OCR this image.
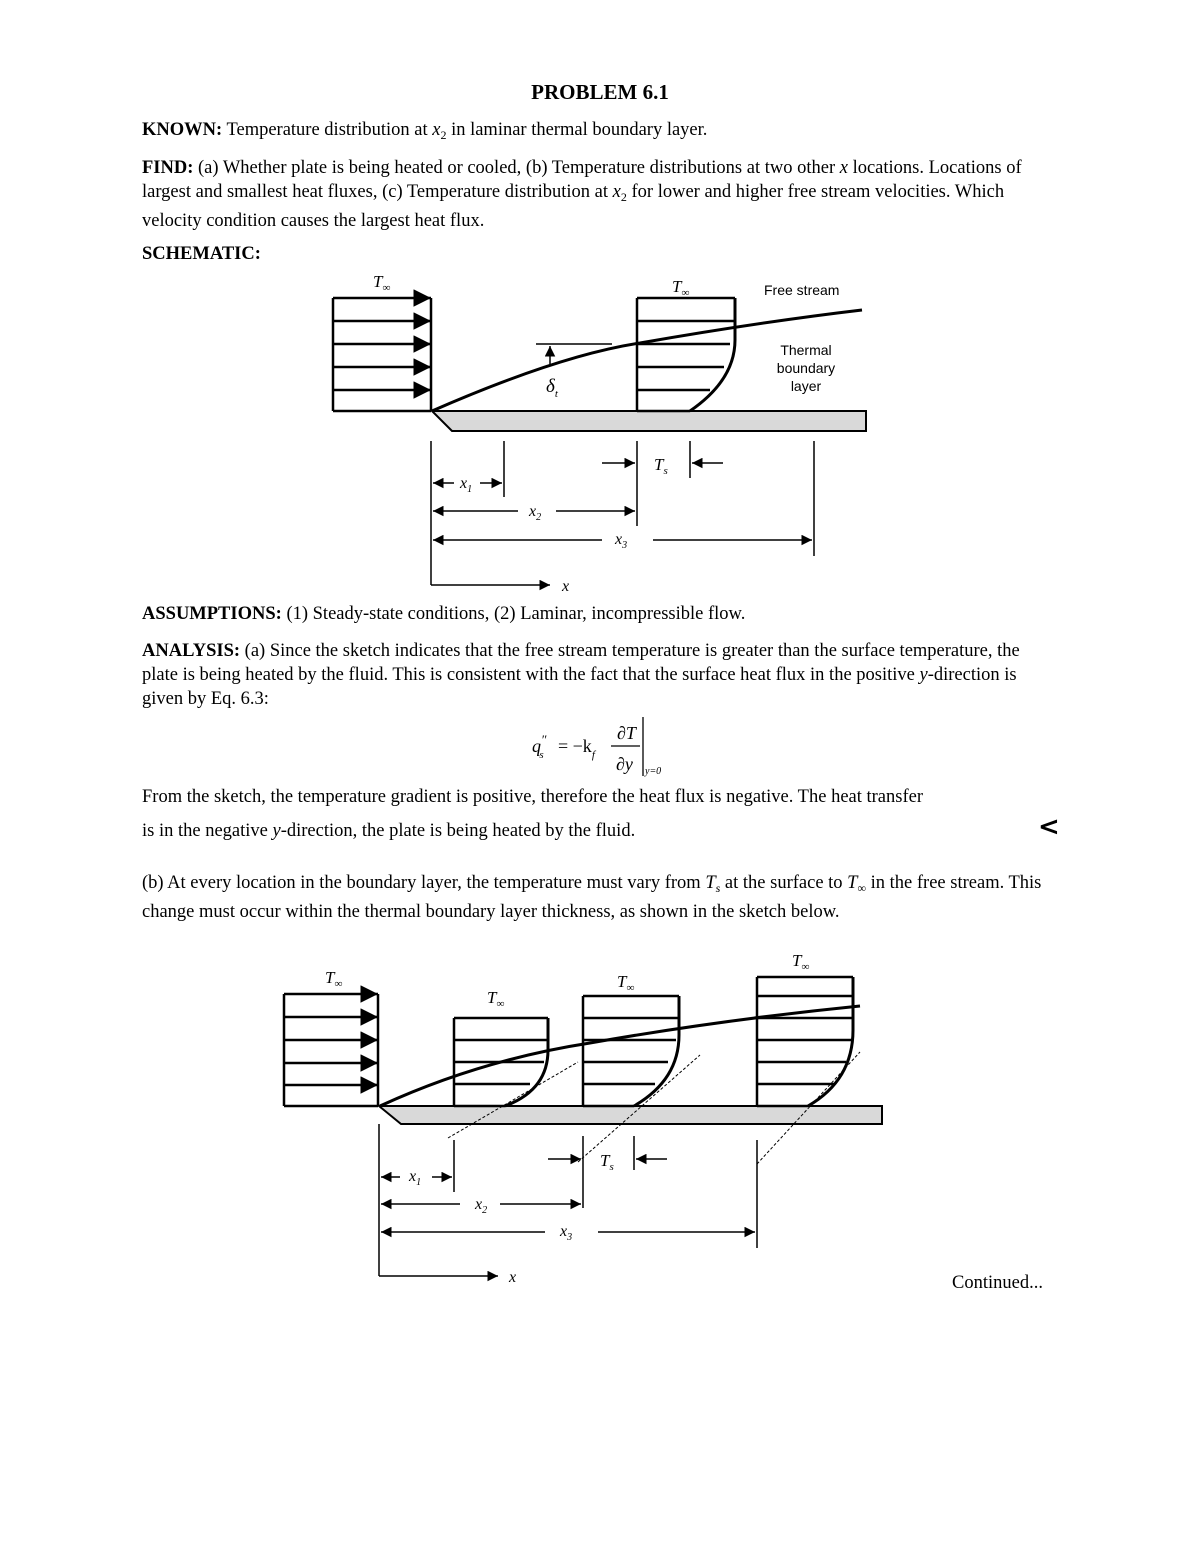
PROBLEM 6.1

KNOWN: Temperature distribution at $x_2$ in laminar thermal boundary layer.

FIND: (a) Whether plate is being heated or cooled, (b) Temperature distributions at two other x locations. Locations of largest and smallest heat fluxes, (c) Temperature distribution at $x_2$ for lower and higher free stream velocities. Which velocity condition causes the largest heat flux.

SCHEMATIC:

$\delta_t$
$T_\infty$	$T_\infty$	Free stream
Thermal
boundary
layer
$T_s$
$x_1$
$x_2$
$x_3$
x

ASSUMPTIONS: (1) Steady-state conditions, (2) Laminar, incompressible flow.

ANALYSIS: (a) Since the sketch indicates that the free stream temperature is greater than the surface temperature, the plate is being heated by the fluid. This is consistent with the fact that the surface heat flux in the positive y-direction is given by Eq. 6.3:

q″ $s = -k_f$
∂T
∂y y=0

From the sketch, the temperature gradient is positive, therefore the heat flux is negative. The heat transfer

is in the negative y-direction, the plate is being heated by the fluid.	<

(b) At every location in the boundary layer, the temperature must vary from $T_s$ at the surface to $T_\infty$ in the free stream. This change must occur within the thermal boundary layer thickness, as shown in the sketch below.

$T_\infty$
$T_\infty$
$T_\infty$
$T_\infty$
$T_s$
$x_1$
$x_2$
$x_3$
x	Continued...
